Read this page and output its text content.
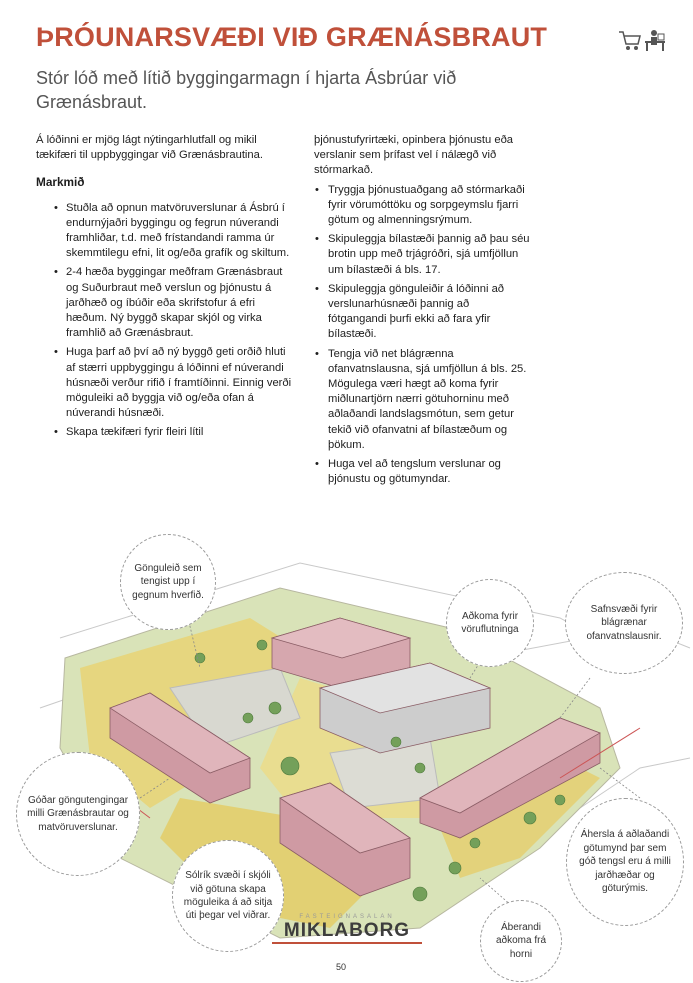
ÞRÓUNARSVÆÐI VIÐ GRÆNÁSBRAUT
Stór lóð með lítið byggingarmagn í hjarta Ásbrúar við Grænásbraut.

Á lóðinni er mjög lágt nýtingarhlutfall og mikil tækifæri til uppbyggingar við Grænásbrautina.

Markmið
• Stuðla að opnun matvöruverslunar á Ásbrú í endurnýjaðri byggingu og fegrun núverandi framhliðar, t.d. með frístandandi ramma úr skemmtilegu efni, lit og/eða grafík og skiltum.
• 2-4 hæða byggingar meðfram Grænásbraut og Suðurbraut með verslun og þjónustu á jarðhæð og íbúðir eða skrifstofur á efri hæðum. Ný byggð skapar skjól og virka framhlið að Grænásbraut.
• Huga þarf að því að ný byggð geti orðið hluti af stærri uppbyggingu á lóðinni ef núverandi húsnæði verður rifið í framtíðinni. Einnig verði möguleiki að byggja við og/eða ofan á núverandi húsnæði.
• Skapa tækifæri fyrir fleiri lítil

þjónustufyrirtæki, opinbera þjónustu eða verslanir sem þrífast vel í nálægð við stórmarkað.

• Tryggja þjónustuaðgang að stórmarkaði fyrir vörumóttöku og sorpgeymslu fjarri götum og almenningsrýmum.
• Skipuleggja bílastæði þannig að þau séu brotin upp með trjágróðri, sjá umfjöllun um bílastæði á bls. 17.
• Skipuleggja gönguleiðir á lóðinni að verslunarhúsnæði þannig að fótgangandi þurfi ekki að fara yfir bílastæði.
• Tengja við net blágrænna ofanvatnslausna, sjá umfjöllun á bls. 25. Mögulega væri hægt að koma fyrir miðlunartjörn nærri götuhorninu með aðlaðandi landslagsmótun, sem getur tekið við ofanvatni af bílastæðum og þökum.
• Huga vel að tengslum verslunar og þjónustu og götumyndar.
Gönguleið sem tengist upp í gegnum hverfið.
Aðkoma fyrir vöruflutninga
Safnsvæði fyrir blágrænar ofanvatnslausnir.
Góðar göngutengingar milli Grænásbrautar og matvöruverslunar.
Sólrík svæði í skjóli við götuna skapa möguleika á að sitja úti þegar vel viðrar.
Áhersla á aðlaðandi götumynd þar sem góð tengsl eru á milli jarðhæðar og göturýmis.
Áberandi aðkoma frá horni
FASTEIGNASALAN
MIKLABORG
50
